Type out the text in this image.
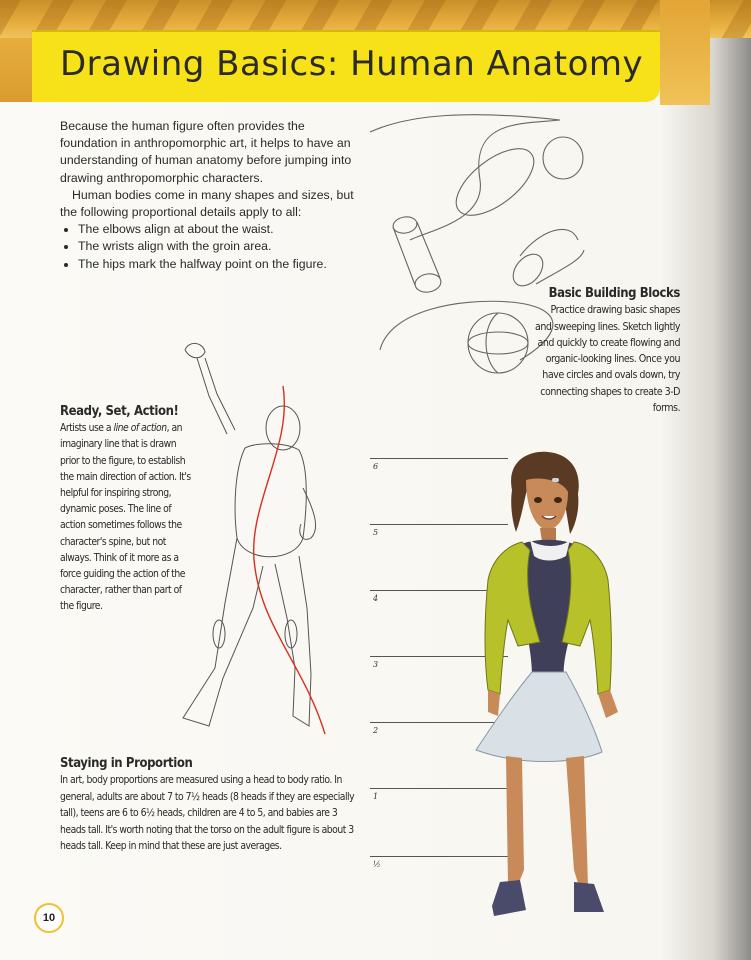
Drawing Basics: Human Anatomy

Because the human figure often provides the foundation in anthropomorphic art, it helps to have an understanding of human anatomy before jumping into drawing anthropomorphic characters.

Human bodies come in many shapes and sizes, but the following proportional details apply to all:

• The elbows align at about the waist.
• The wrists align with the groin area.
• The hips mark the halfway point on the figure.
Basic Building Blocks
Practice drawing basic shapes and sweeping lines. Sketch lightly and quickly to create flowing and organic-looking lines. Once you have circles and ovals down, try connecting shapes to create 3-D forms.
Ready, Set, Action!
Artists use a line of action, an imaginary line that is drawn prior to the figure, to establish the main direction of action. It's helpful for inspiring strong, dynamic poses. The line of action sometimes follows the character's spine, but not always. Think of it more as a force guiding the action of the character, rather than part of the figure.
6
5
4
3
2
1
½
Staying in Proportion
In art, body proportions are measured using a head to body ratio. In general, adults are about 7 to 7½ heads (8 heads if they are especially tall), teens are 6 to 6½ heads, children are 4 to 5, and babies are 3 heads tall. It's worth noting that the torso on the adult figure is about 3 heads tall. Keep in mind that these are just averages.
10
